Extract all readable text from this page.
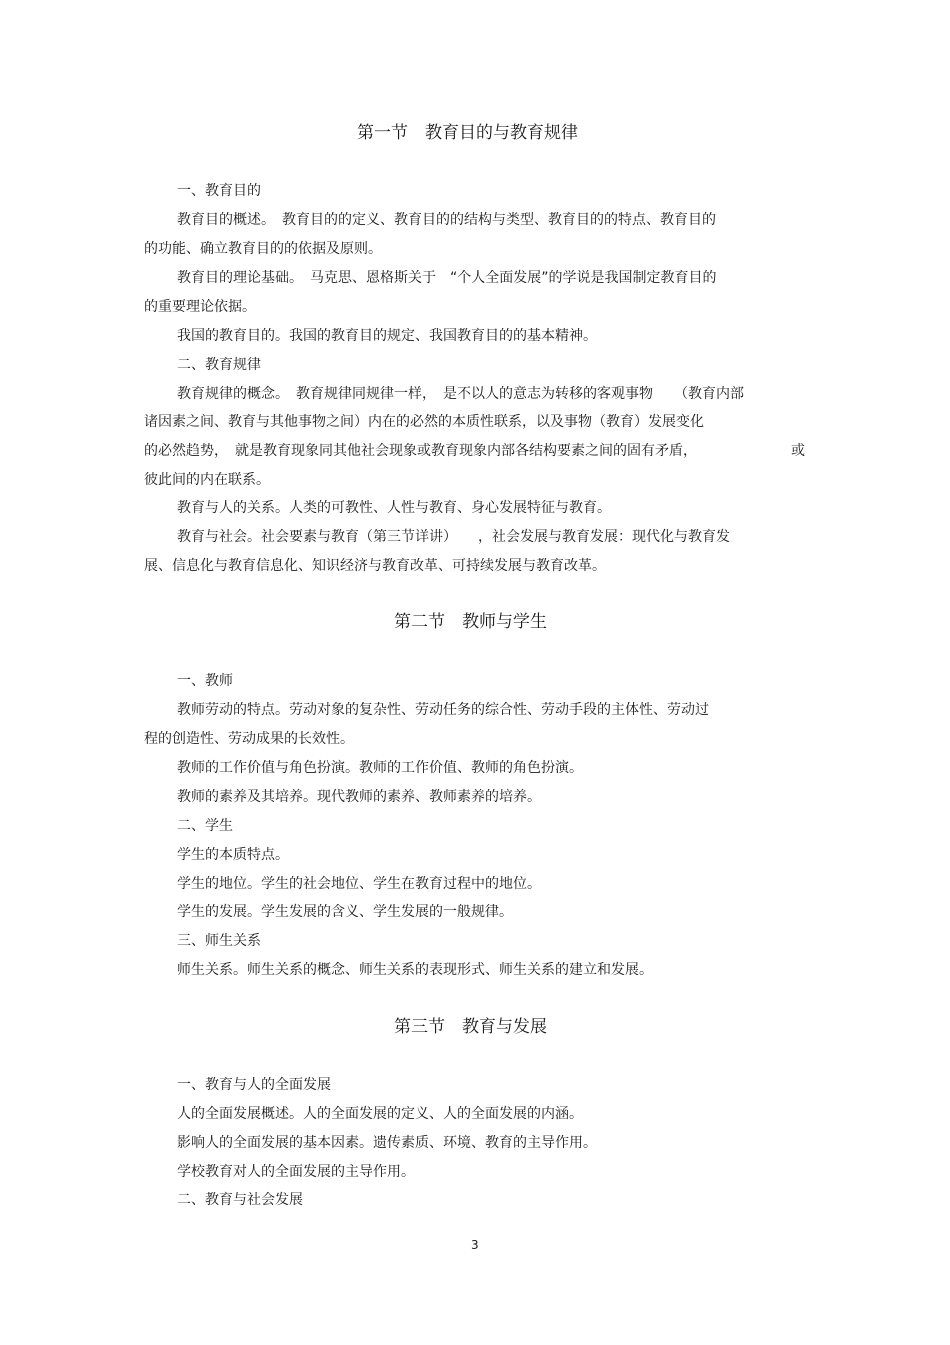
第一节　教育目的与教育规律
一、教育目的
教育目的概述。　教育目的的定义、教育目的的结构与类型、教育目的的特点、教育目的
的功能、确立教育目的的依据及原则。
教育目的理论基础。　马克思、恩格斯关于　“个人全面发展”的学说是我国制定教育目的
的重要理论依据。
我国的教育目的。我国的教育目的规定、我国教育目的的基本精神。
二、教育规律
教育规律的概念。　教育规律同规律一样，　是不以人的意志为转移的客观事物　　（教育内部
诸因素之间、教育与其他事物之间）内在的必然的本质性联系，以及事物（教育）发展变化
的必然趋势，　就是教育现象同其他社会现象或教育现象内部各结构要素之间的固有矛盾，	或
彼此间的内在联系。
教育与人的关系。人类的可教性、人性与教育、身心发展特征与教育。
教育与社会。社会要素与教育（第三节详讲）　　，社会发展与教育发展：现代化与教育发
展、信息化与教育信息化、知识经济与教育改革、可持续发展与教育改革。
第二节　教师与学生
一、教师
教师劳动的特点。劳动对象的复杂性、劳动任务的综合性、劳动手段的主体性、劳动过
程的创造性、劳动成果的长效性。
教师的工作价值与角色扮演。教师的工作价值、教师的角色扮演。
教师的素养及其培养。现代教师的素养、教师素养的培养。
二、学生
学生的本质特点。
学生的地位。学生的社会地位、学生在教育过程中的地位。
学生的发展。学生发展的含义、学生发展的一般规律。
三、师生关系
师生关系。师生关系的概念、师生关系的表现形式、师生关系的建立和发展。
第三节　教育与发展
一、教育与人的全面发展
人的全面发展概述。人的全面发展的定义、人的全面发展的内涵。
影响人的全面发展的基本因素。遗传素质、环境、教育的主导作用。
学校教育对人的全面发展的主导作用。
二、教育与社会发展
3
